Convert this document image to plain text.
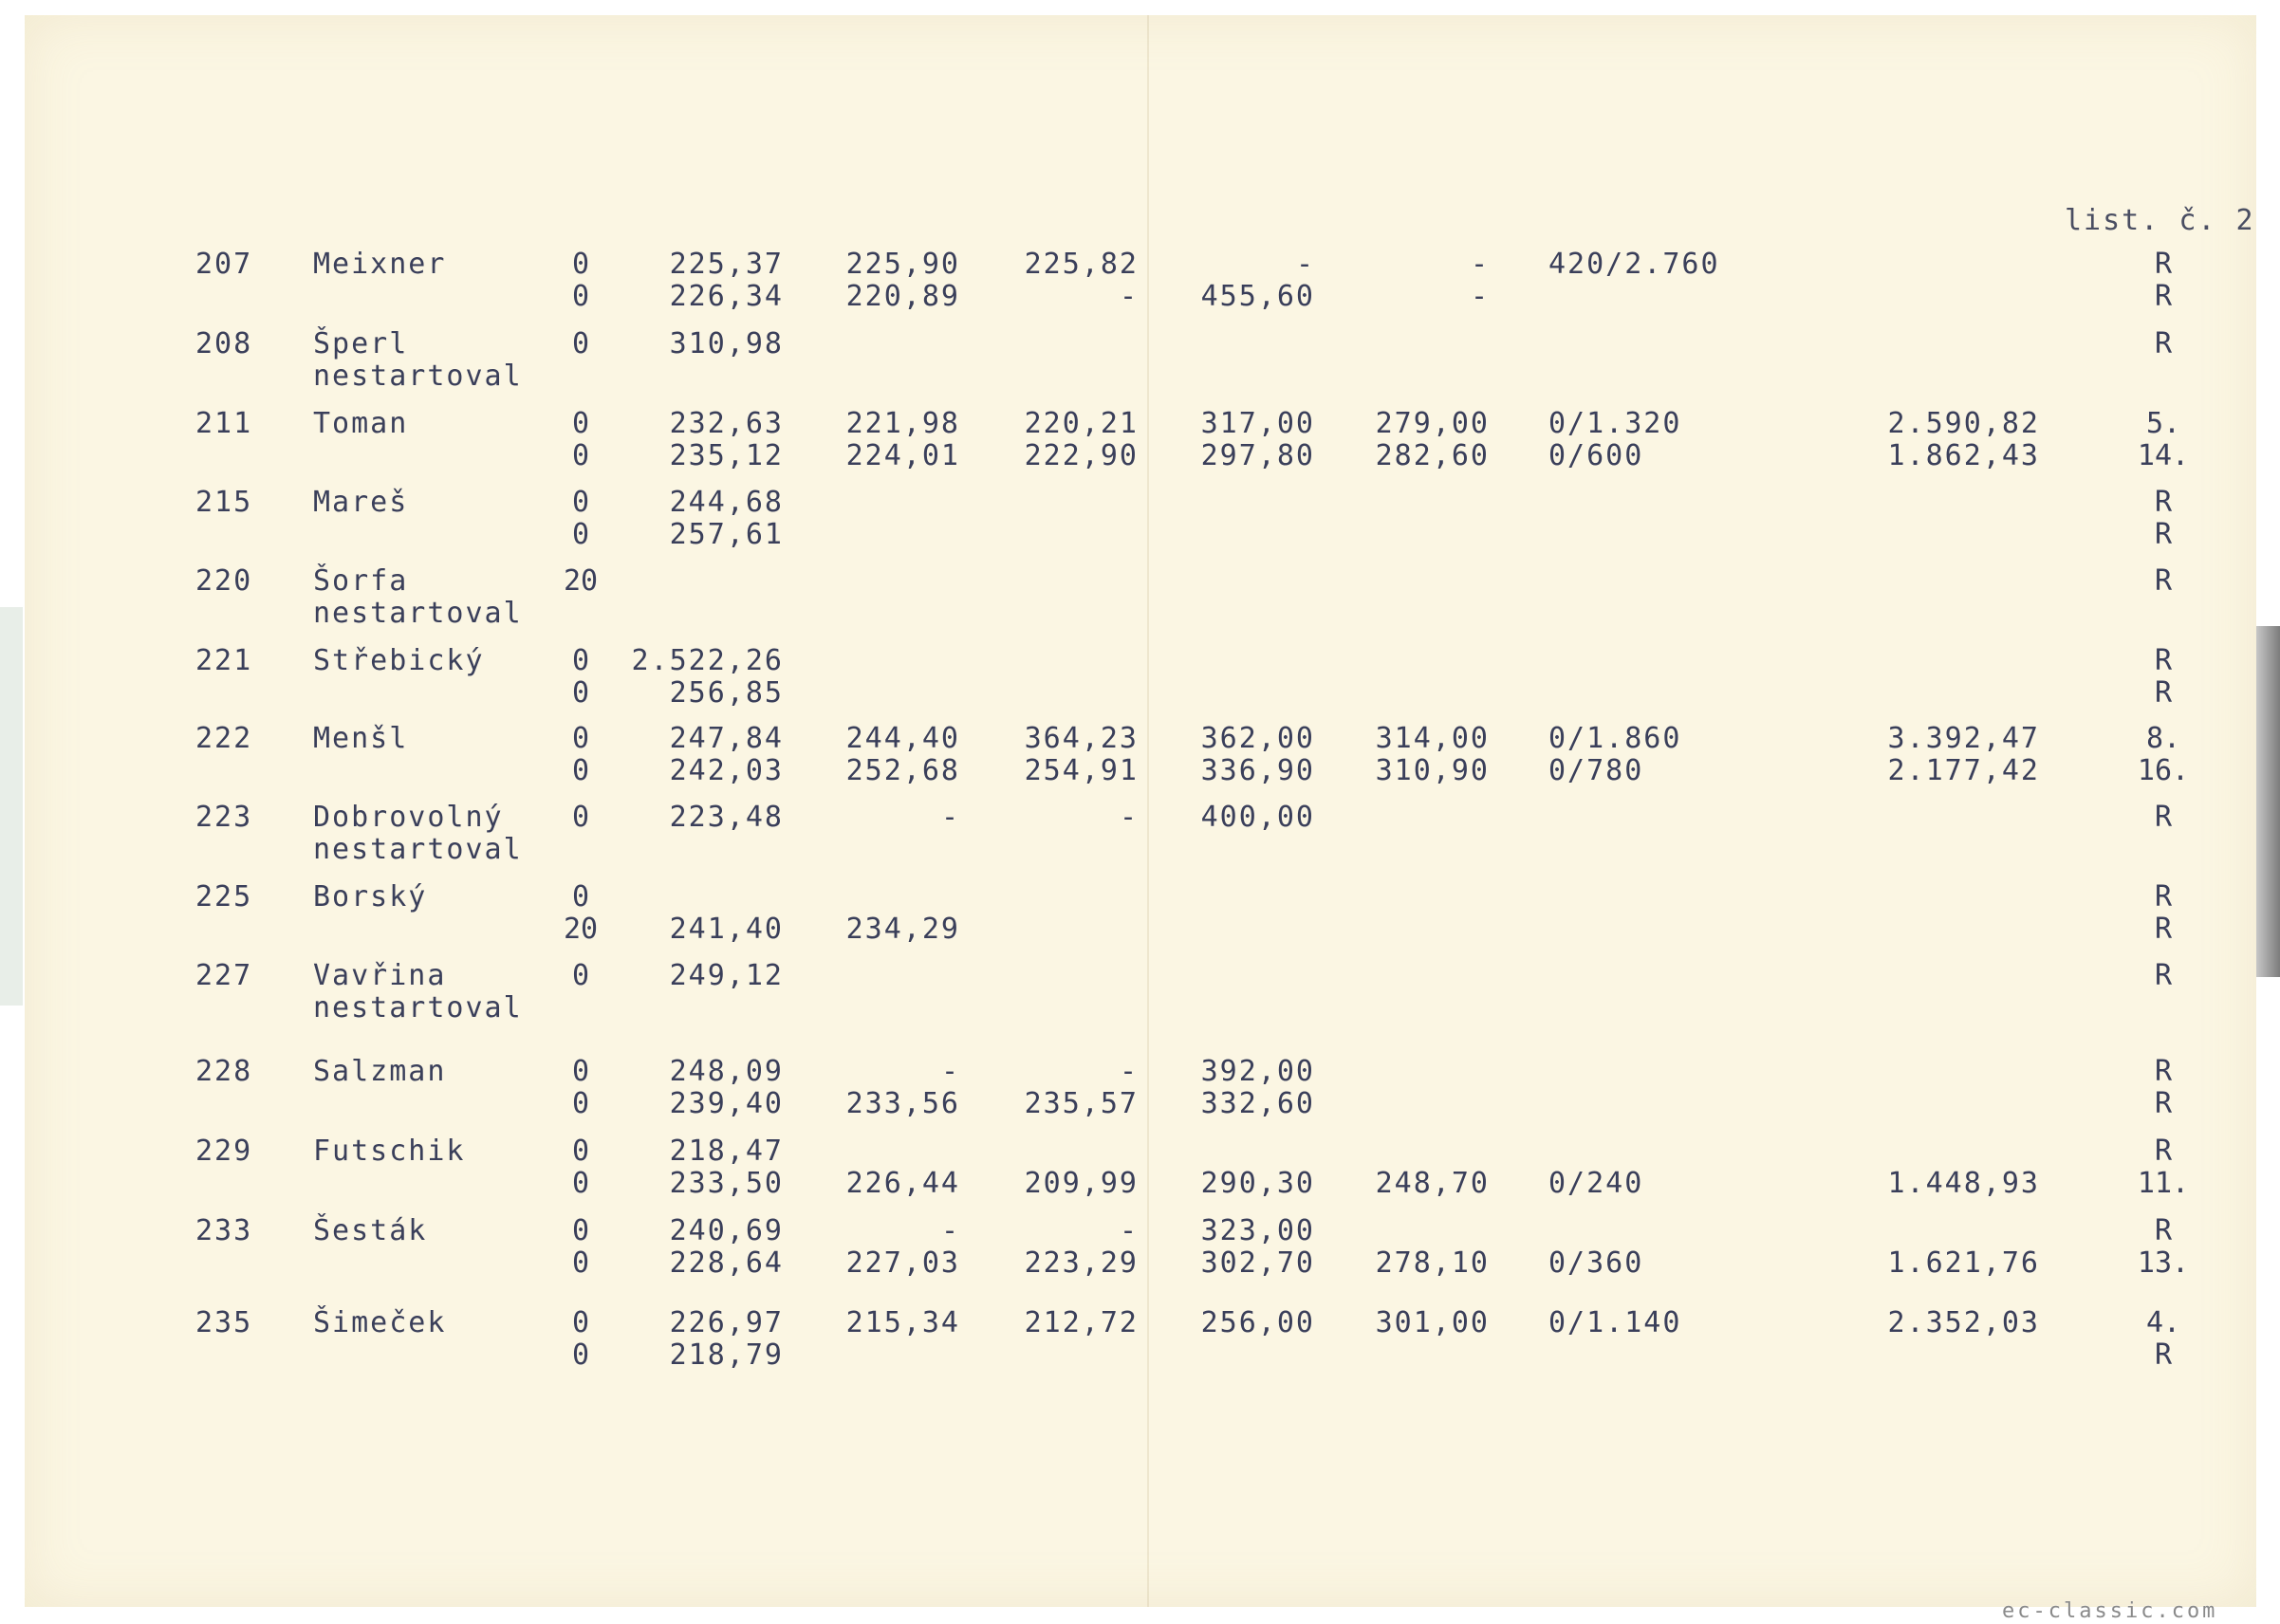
list. č. 2
207 Meixner	0	225,37 225,90 225,82	-	- 420/2.760	R
0	226,34 220,89	- 455,60	-	R
208 Šperl
nestartoval
0	310,98	R
211 Toman	0	232,63 221,98 220,21 317,00 279,00 0/1.320	2.590,82	5.
0	235,12 224,01 222,90 297,80 282,60 0/600	1.862,43	14.
215 Mareš	0	244,68	R
0	257,61	R
220 Šorfa
nestartoval
20	R
221 Střebický	0	2.522,26	R
0	256,85	R
222 Menšl	0	247,84 244,40 364,23 362,00 314,00 0/1.860	3.392,47	8.
0	242,03 252,68 254,91 336,90 310,90 0/780	2.177,42	16.
223 Dobrovolný
nestartoval
0	223,48	-	- 400,00	R
225 Borský	0	R
20	241,40 234,29	R
227 Vavřina
nestartoval
0	249,12	R
228 Salzman	0	248,09	-	- 392,00	R
0	239,40 233,56 235,57 332,60	R
229 Futschik	0	218,47	R
0	233,50 226,44 209,99 290,30 248,70 0/240	1.448,93	11.
233 Šesták	0	240,69	-	- 323,00	R
0	228,64 227,03 223,29 302,70 278,10 0/360	1.621,76	13.
235 Šimeček	0	226,97 215,34 212,72 256,00 301,00 0/1.140	2.352,03	4.
0	218,79	R
ec-classic.com
